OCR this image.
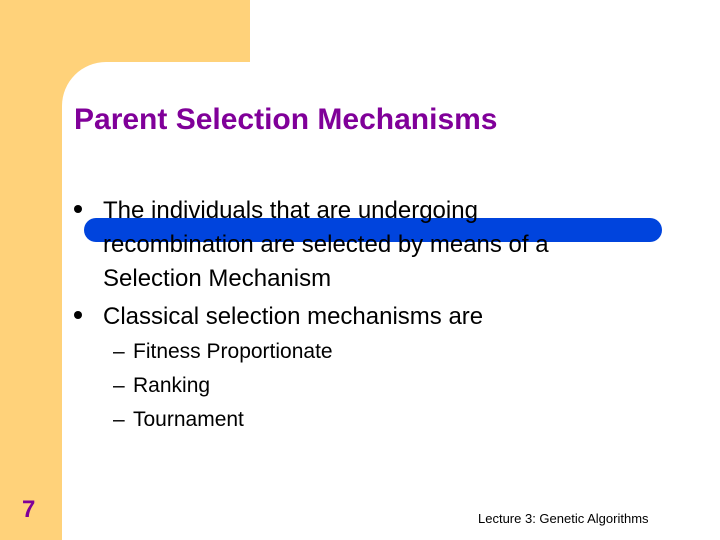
Parent Selection Mechanisms
The individuals that are undergoing recombination are selected by means of a Selection Mechanism
Classical selection mechanisms are
– Fitness Proportionate
– Ranking
– Tournament
7	Lecture 3: Genetic Algorithms
